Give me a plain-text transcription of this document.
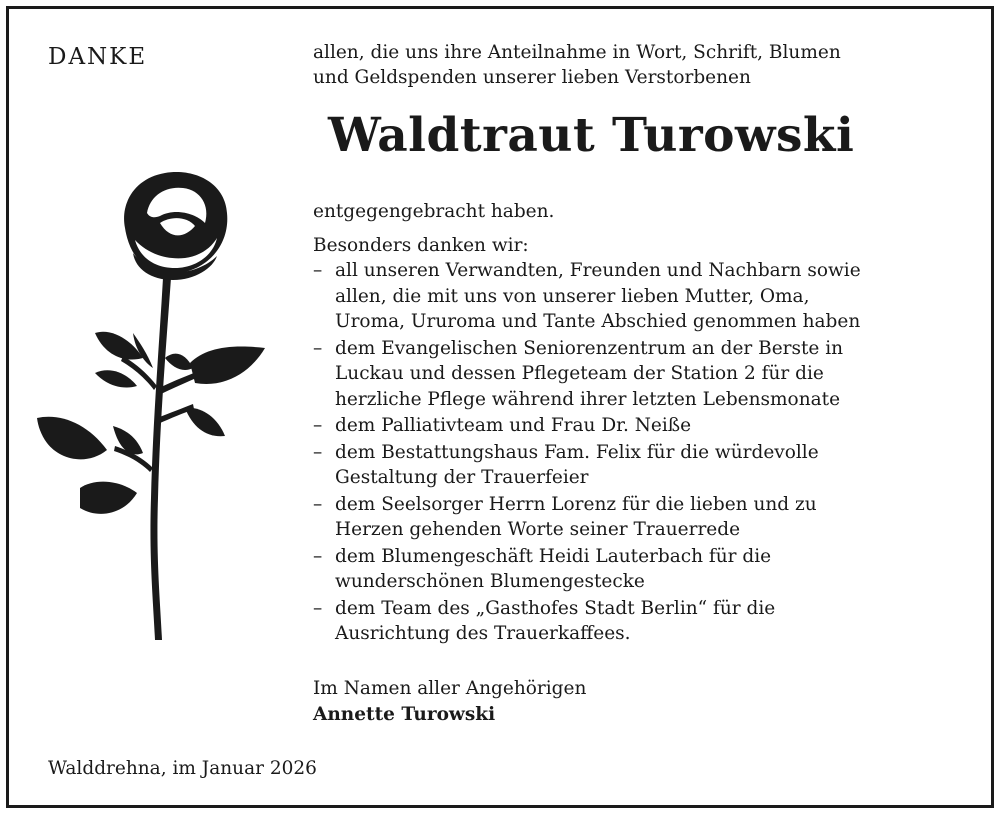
DANKE	allen, die uns ihre Anteilnahme in Wort, Schrift, Blumen
und Geldspenden unserer lieben Verstorbenen
Waldtraut Turowski
entgegengebracht haben.
Besonders danken wir:
– all unseren Verwandten, Freunden und Nachbarn sowie
allen, die mit uns von unserer lieben Mutter, Oma,
Uroma, Ururoma und Tante Abschied genommen haben
– dem Evangelischen Seniorenzentrum an der Berste in
Luckau und dessen Pflegeteam der Station 2 für die
herzliche Pflege während ihrer letzten Lebensmonate
– dem Palliativteam und Frau Dr. Neiße
– dem Bestattungshaus Fam. Felix für die würdevolle
Gestaltung der Trauerfeier
– dem Seelsorger Herrn Lorenz für die lieben und zu
Herzen gehenden Worte seiner Trauerrede
– dem Blumengeschäft Heidi Lauterbach für die
wunderschönen Blumengestecke
– dem Team des „Gasthofes Stadt Berlin“ für die
Ausrichtung des Trauerkaffees.
Im Namen aller Angehörigen
Annette Turowski
Walddrehna, im Januar 2026
